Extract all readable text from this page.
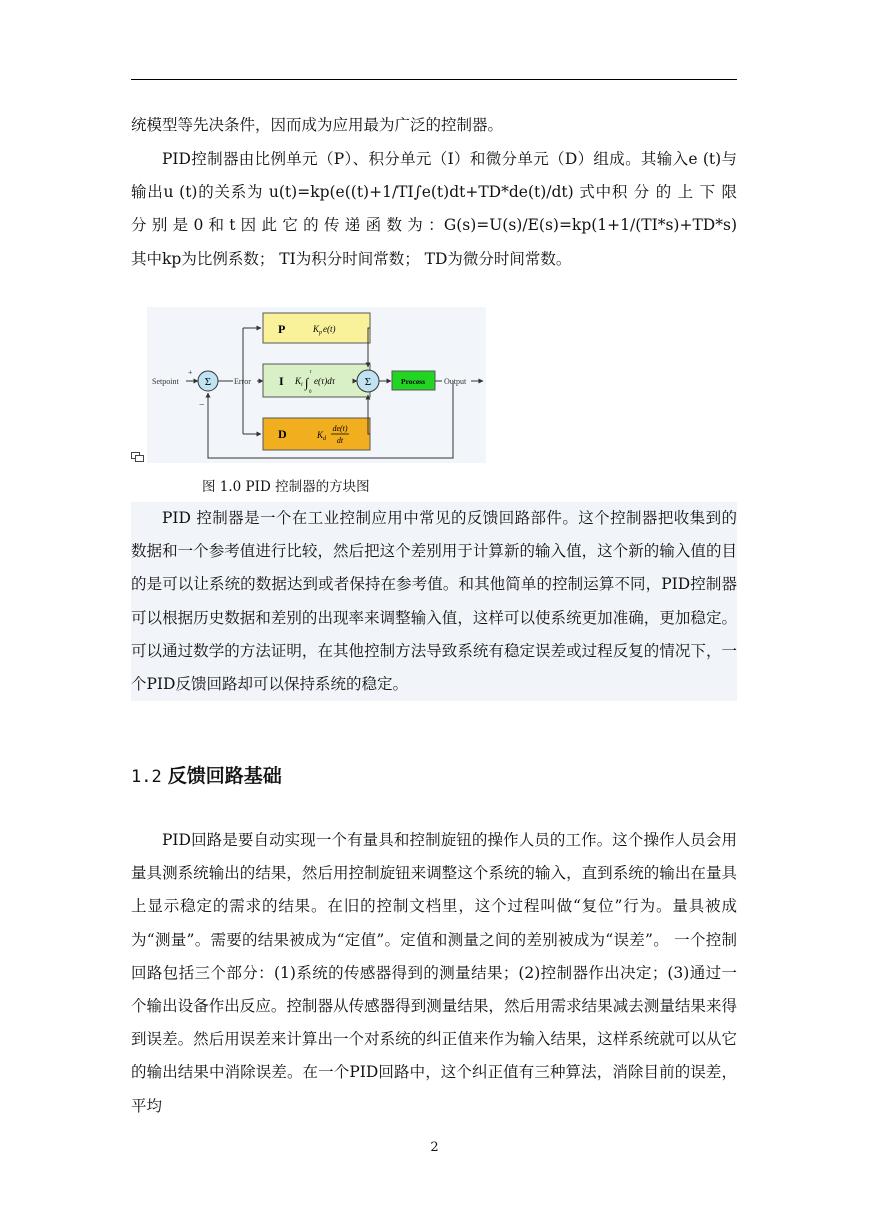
统模型等先决条件，因而成为应用最为广泛的控制器。

PID控制器由比例单元（P）、积分单元（I）和微分单元（D）组成。其输入e (t)与输出u (t)的关系为 u(t)=kp(e((t)+1/TI∫e(t)dt+TD*de(t)/dt) 式中积 分 的 上 下 限 分 别 是 0 和 t 因 此 它 的 传 递 函 数 为 ：G(s)=U(s)/E(s)=kp(1+1/(TI*s)+TD*s)其中kp为比例系数； TI为积分时间常数； TD为微分时间常数。

Setpoint
+
−
Σ	Error
P	K p e(t)
I K i ∫
t
0
e(τ)dτ
D	K d
de(t)
dt
Σ	Process Output
图 1.0 PID 控制器的方块图

PID 控制器是一个在工业控制应用中常见的反馈回路部件。这个控制器把收集到的数据和一个参考值进行比较，然后把这个差别用于计算新的输入值，这个新的输入值的目的是可以让系统的数据达到或者保持在参考值。和其他简单的控制运算不同，PID控制器可以根据历史数据和差别的出现率来调整输入值，这样可以使系统更加准确，更加稳定。可以通过数学的方法证明，在其他控制方法导致系统有稳定误差或过程反复的情况下，一个PID反馈回路却可以保持系统的稳定。

1.2 反馈回路基础

PID回路是要自动实现一个有量具和控制旋钮的操作人员的工作。这个操作人员会用量具测系统输出的结果，然后用控制旋钮来调整这个系统的输入，直到系统的输出在量具上显示稳定的需求的结果。在旧的控制文档里，这个过程叫做“复位”行为。量具被成为“测量”。需要的结果被成为“定值”。定值和测量之间的差别被成为“误差”。 一个控制回路包括三个部分：(1)系统的传感器得到的测量结果；(2)控制器作出决定；(3)通过一个输出设备作出反应。控制器从传感器得到测量结果，然后用需求结果减去测量结果来得到误差。然后用误差来计算出一个对系统的纠正值来作为输入结果，这样系统就可以从它的输出结果中消除误差。在一个PID回路中，这个纠正值有三种算法，消除目前的误差，平均

2
